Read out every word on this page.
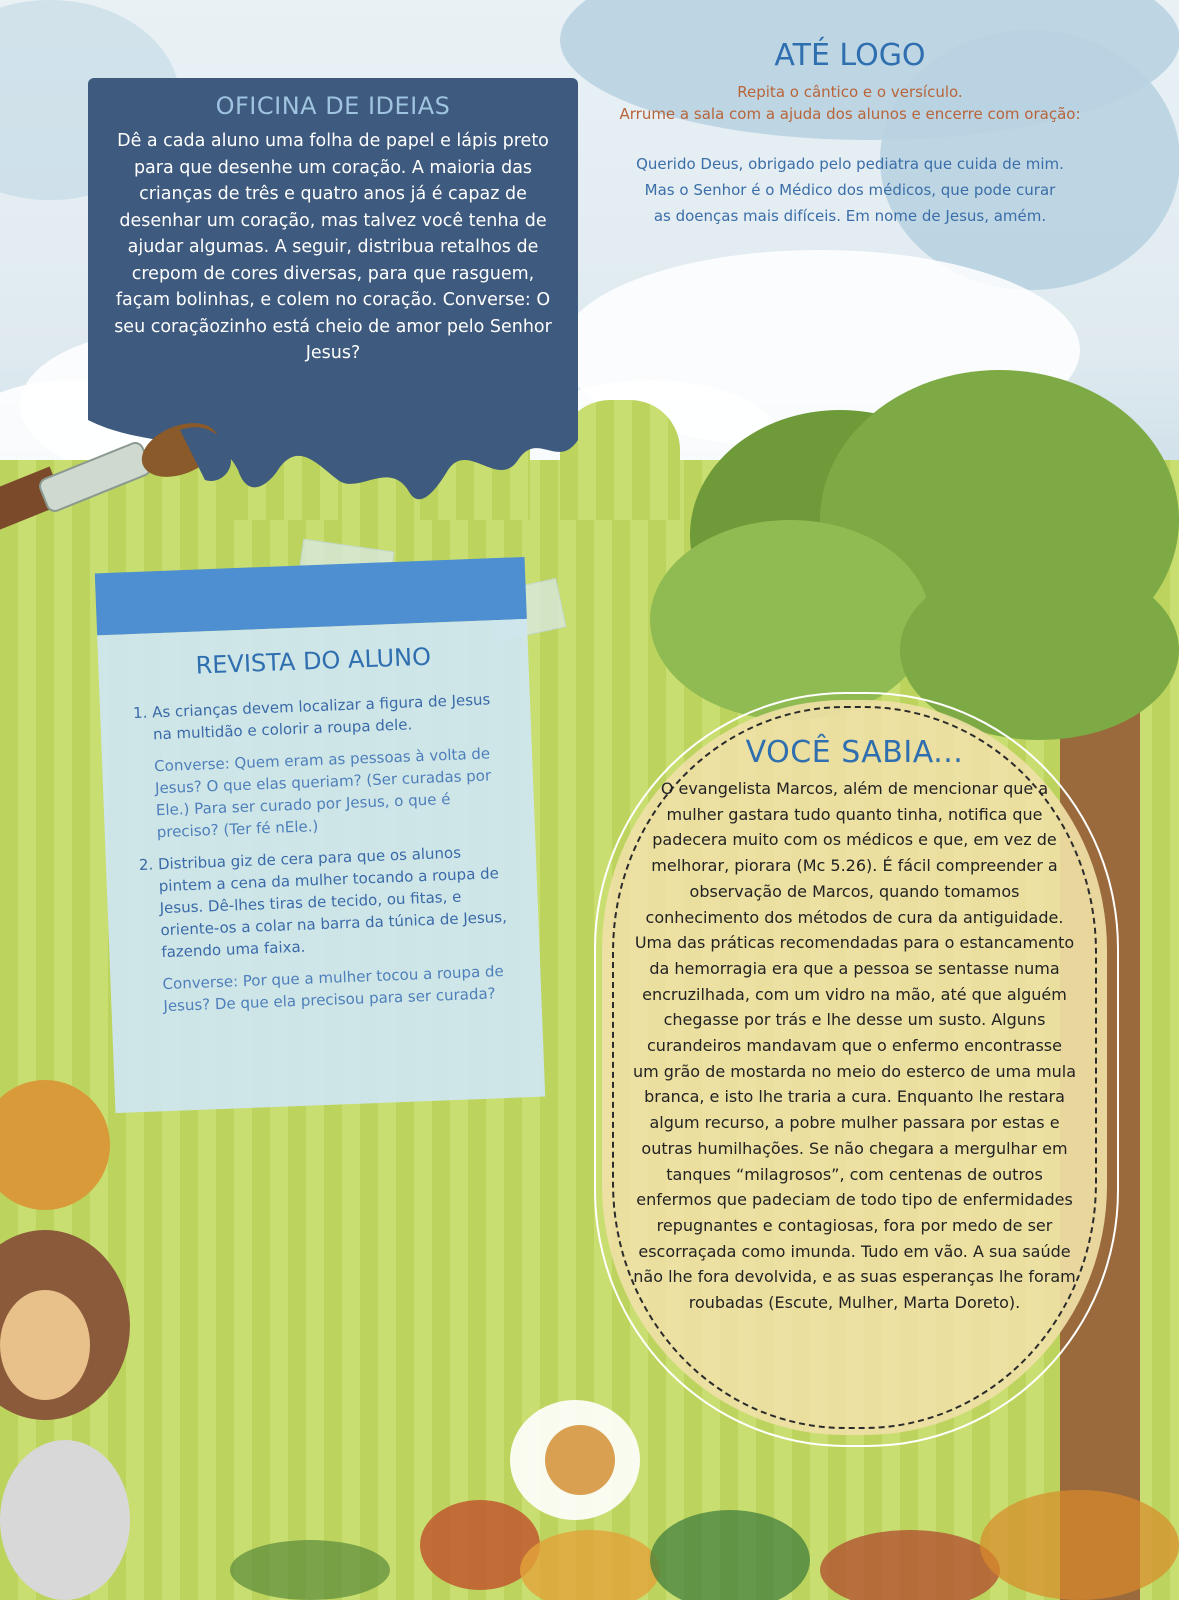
OFICINA DE IDEIAS

Dê a cada aluno uma folha de papel e lápis preto para que desenhe um coração. A maioria das crianças de três e quatro anos já é capaz de desenhar um coração, mas talvez você tenha de ajudar algumas. A seguir, distribua retalhos de crepom de cores diversas, para que rasguem, façam bolinhas, e colem no coração. Converse: O seu coraçãozinho está cheio de amor pelo Senhor Jesus?

ATÉ LOGO

Repita o cântico e o versículo.
Arrume a sala com a ajuda dos alunos e encerre com oração:

Querido Deus, obrigado pelo pediatra que cuida de mim.
Mas o Senhor é o Médico dos médicos, que pode curar
as doenças mais difíceis. Em nome de Jesus, amém.

REVISTA DO ALUNO
1. As crianças devem localizar a figura de Jesus na multidão e colorir a roupa dele.

Converse: Quem eram as pessoas à volta de Jesus? O que elas queriam? (Ser curadas por Ele.) Para ser curado por Jesus, o que é preciso? (Ter fé nEle.)

2. Distribua giz de cera para que os alunos pintem a cena da mulher tocando a roupa de Jesus. Dê-lhes tiras de tecido, ou fitas, e oriente-os a colar na barra da túnica de Jesus, fazendo uma faixa.

Converse: Por que a mulher tocou a roupa de Jesus? De que ela precisou para ser curada?

VOCÊ SABIA...

O evangelista Marcos, além de mencionar que a mulher gastara tudo quanto tinha, notifica que padecera muito com os médicos e que, em vez de melhorar, piorara (Mc 5.26). É fácil compreender a observação de Marcos, quando tomamos conhecimento dos métodos de cura da antiguidade. Uma das práticas recomendadas para o estancamento da hemorragia era que a pessoa se sentasse numa encruzilhada, com um vidro na mão, até que alguém chegasse por trás e lhe desse um susto. Alguns curandeiros mandavam que o enfermo encontrasse um grão de mostarda no meio do esterco de uma mula branca, e isto lhe traria a cura. Enquanto lhe restara algum recurso, a pobre mulher passara por estas e outras humilhações. Se não chegara a mergulhar em tanques “milagrosos”, com centenas de outros enfermos que padeciam de todo tipo de enfermidades repugnantes e contagiosas, fora por medo de ser escorraçada como imunda. Tudo em vão. A sua saúde não lhe fora devolvida, e as suas esperanças lhe foram roubadas (Escute, Mulher, Marta Doreto).
